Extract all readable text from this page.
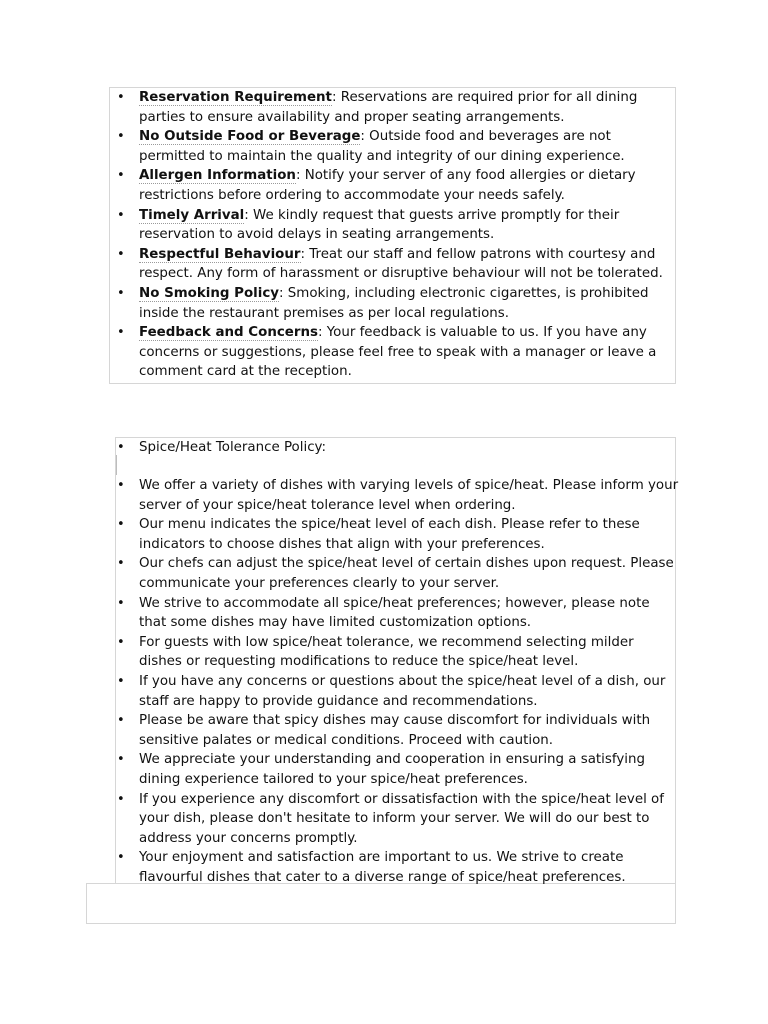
• Reservation Requirement: Reservations are required prior for all dining parties to ensure availability and proper seating arrangements.
• No Outside Food or Beverage: Outside food and beverages are not permitted to maintain the quality and integrity of our dining experience.
• Allergen Information: Notify your server of any food allergies or dietary restrictions before ordering to accommodate your needs safely.
• Timely Arrival: We kindly request that guests arrive promptly for their reservation to avoid delays in seating arrangements.
• Respectful Behaviour: Treat our staff and fellow patrons with courtesy and respect. Any form of harassment or disruptive behaviour will not be tolerated.
• No Smoking Policy: Smoking, including electronic cigarettes, is prohibited inside the restaurant premises as per local regulations.
• Feedback and Concerns: Your feedback is valuable to us. If you have any concerns or suggestions, please feel free to speak with a manager or leave a comment card at the reception.
• Spice/Heat Tolerance Policy:
• We offer a variety of dishes with varying levels of spice/heat. Please inform your server of your spice/heat tolerance level when ordering.
• Our menu indicates the spice/heat level of each dish. Please refer to these indicators to choose dishes that align with your preferences.
• Our chefs can adjust the spice/heat level of certain dishes upon request. Please communicate your preferences clearly to your server.
• We strive to accommodate all spice/heat preferences; however, please note that some dishes may have limited customization options.
• For guests with low spice/heat tolerance, we recommend selecting milder dishes or requesting modifications to reduce the spice/heat level.
• If you have any concerns or questions about the spice/heat level of a dish, our staff are happy to provide guidance and recommendations.
• Please be aware that spicy dishes may cause discomfort for individuals with sensitive palates or medical conditions. Proceed with caution.
• We appreciate your understanding and cooperation in ensuring a satisfying dining experience tailored to your spice/heat preferences.
• If you experience any discomfort or dissatisfaction with the spice/heat level of your dish, please don't hesitate to inform your server. We will do our best to address your concerns promptly.
• Your enjoyment and satisfaction are important to us. We strive to create flavourful dishes that cater to a diverse range of spice/heat preferences.
